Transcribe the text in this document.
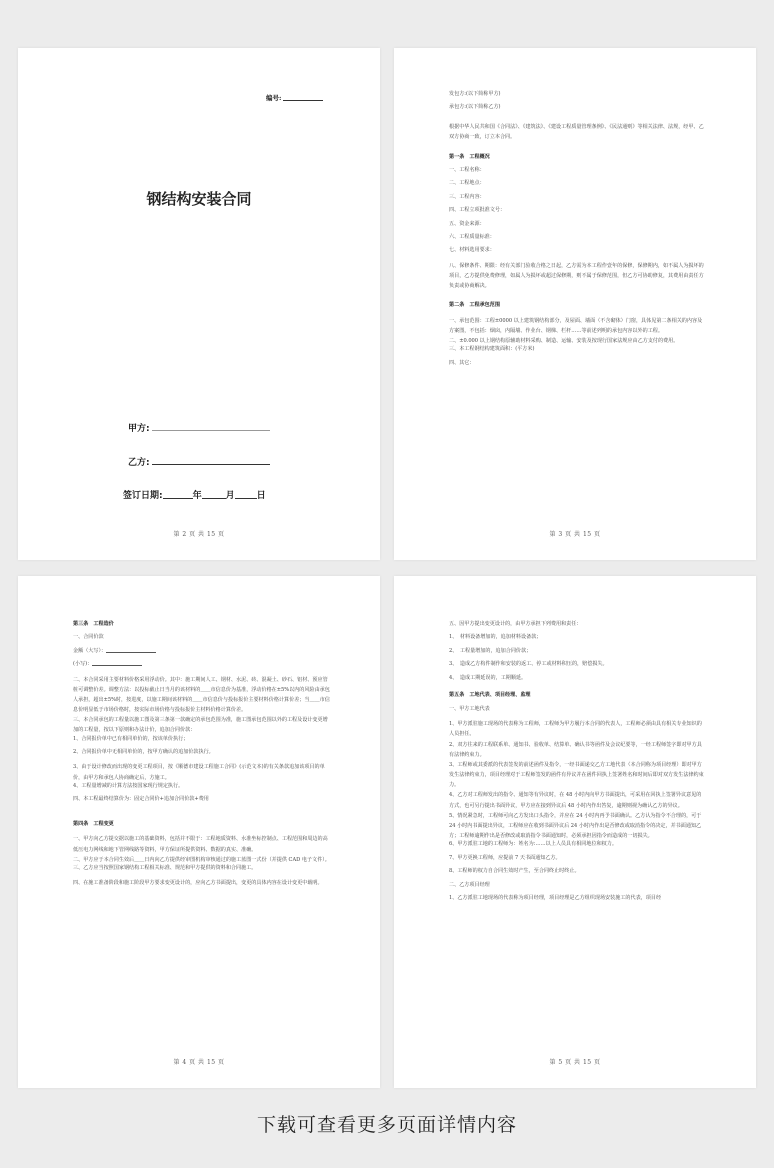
编号:
钢结构安装合同
甲方:
乙方:
签订日期:	年	月 日
第 2 页 共 15 页

发包方:(以下简称甲方)

承包方:(以下简称乙方)

根据中华人民共和国《合同法》、《建筑法》、《建设工程质量管理条例》、《民法通则》等相关法律、法规，经甲、乙双方协商一致，订立本合同。

第一条　工程概况

一、工程名称：

二、工程地点：

三、工程内容：

四、工程立项批准文号：

五、资金来源：

六、工程质量标准：

七、材料选用要求：

八、保修条件、期限：经有关部门验收合格之日起，乙方需为本工程作壹年的保修，保修期内，如不属人为损坏的项目，乙方提供免费修理，如属人为损坏或超过保修期，则不属于保修范围，但乙方可协助修复，其费用由责任方负责或协商解决。

第二条　工程承包范围

一、承包范围：工程±0000 以上建筑钢结构部分，及屋面、墙面（不含砌体）门窗，具体见第二条相关的内容及方案图，不包括：烟囱，内隔墙、作业台、钢梯、栏杆……等前述列明的承包内容以外的工程。

二、±0.000 以上钢结构原辅助材料采购、制造、运输、安装及按现行国家法规应由乙方支付的费用。

三、本工程钢结构建筑面积：(平方米)

四、其它：

第 3 页 共 15 页

第三条　工程造价

一、合同价款

金额（大写）：

(小写)：

二、本合同采用主要材料价格采用浮动价。其中：施工期间人工、钢材、水泥、砖、混凝土、砂石、铝材、预应管桩可调整价差。调整方法：以投标截止日当月的该材料的＿＿市信息价为基准，浮动价格在±5%以内的风险由承包人承担，超出±5%时，按进度，以施工期间该材料的＿＿市信息价与投标报价主要材料价格计算价差；当＿＿市信息价明显低于市场价格时，按实际市场价格与投标报价主材料价格计算价差。

三、本合同承包的工程量以施工图及第三条第一款确定的承包范围为准，施工图承包范围以外的工程及设计变更增加的工程量，按以下原则和办法计价，追加合同价款：

1、合同报价单中已有相同单价的，按该单价执行；

2、合同报价单中无相同单价的，按甲方确认的追加价款执行。

3、由于设计修改而出现的变更工程项目，按《顺德市建设工程施工合同》(示范文本)的有关条款追加该项目的单价，由甲方和承包人协商确定后，方施工。

4、工程量增减的计算方法按国家现行规定执行。

四、本工程最终结算价为：固定合同价+追加合同价款+费用

第四条　工程变更

一、甲方向乙方提交据以施工的基础资料，包括并不限于：工程地质资料、水准坐标控制点、工程范围和周边的高低压电力网线和地下管网线路等资料，甲方保证所提供资料、数据的真实、准确。

二、甲方应于本合同生效后＿＿日内向乙方提供经审图机构审核通过的施工蓝图一式份（并提供 CAD 电子文件）。

三、乙方应当按照国家钢结构工程相关标准、规范和甲方提供的资料和合同施工。

四、在施工准备阶段和施工阶段甲方要求变更设计的，应向乙方书面提出，变更的具体内容在设计变更中载明。

第 4 页 共 15 页

五、因甲方提出变更设计的，由甲方承担下列费用和责任：

1、　材料设备增加的，追加材料设备款；

2、　工程量增加的，追加合同价款；

3、　造成乙方构件制作和安装的返工、停工或材料积压的，赔偿损失。

4、　造成工期延误的，工期顺延。

第五条　工地代表、项目经理、监理

一、甲方工地代表

1、甲方派驻施工现场的代表称为工程师，工程师为甲方履行本合同的代表人，工程师必须由具有相关专业知识的人员担任。

2、双方往来的工程联系单、通知书、验收单、结算单、确认书等函件及会议纪要等，一经工程师签字即对甲方具有法律约束力。

3、工程师或其委派的代表签发的前述函件及指令，一经书面递交乙方工地代表（本合同称为项目经理）即对甲方发生法律约束力，项目经理对于工程师签发的函件有异议并在函件回执上签署姓名和时间后即对双方发生法律约束力。

4、乙方对工程师发出的指令、通知等有异议时，在 48 小时内向甲方书面提出，可采用在回执上签署异议意见的方式，也可另行提出书面异议，甲方应在接到异议后 48 小时内作出答复，逾期则视为确认乙方的异议。

5、情况紧急时，工程师可向乙方发出口头指令，并应在 24 小时内再予书面确认。乙方认为指令不合理的，可于 24 小时内书面提出异议，工程师应在收到书面异议后 24 小时内作出是否修改或取消指令的决定，并书面通知乙方；工程师逾期作出是否修改或取消指令书面通知时，必须承担因指令而造成的一切损失。

6、甲方派驻工地的工程师为：姓名为:……以上人员具有相同地位和权力。

7、甲方更换工程师，应提前 7 天书面通知乙方。

8、工程师的权力自合同生效时产生，至合同终止时终止。

二、乙方项目经理

1、乙方派驻工地现场的代表称为项目经理，项目经理是乙方组织现场安装施工的代表，项目经

第 5 页 共 15 页
下载可查看更多页面详情内容
